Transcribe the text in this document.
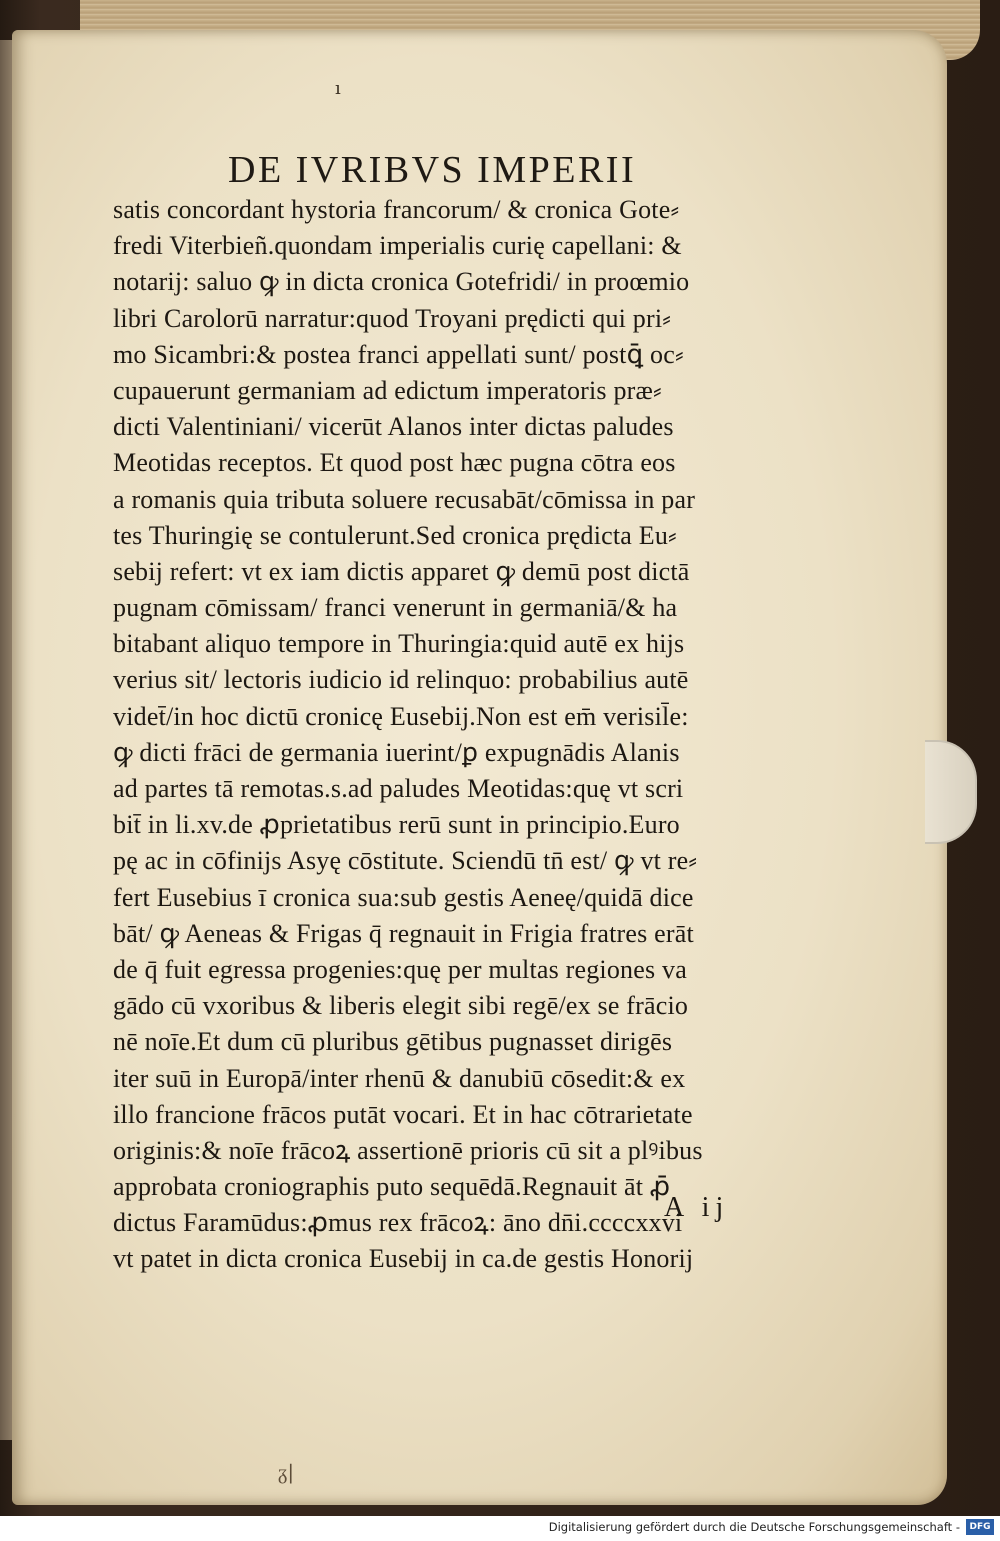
ı
DE IVRIBVS IMPERII
satis concordant hystoria francorum/ & cronica Gote⸗
fredi Viterbieñ.quondam imperialis curię capellani: &
notarij: saluo ꝙ in dicta cronica Gotefridi/ in proœmio
libri Carolorū narratur:quod Troyani prędicti qui pri⸗
mo Sicambri:& postea franci appellati sunt/ postꝗ̄ oc⸗
cupauerunt germaniam ad edictum imperatoris præ⸗
dicti Valentiniani/ vicerūt Alanos inter dictas paludes
Meotidas receptos. Et quod post hæc pugna cōtra eos
a romanis quia tributa soluere recusabāt/cōmissa in par
tes Thuringię se contulerunt.Sed cronica prędicta Eu⸗
sebij refert: vt ex iam dictis apparet ꝙ demū post dictā
pugnam cōmissam/ franci venerunt in germaniā/& ha
bitabant aliquo tempore in Thuringia:quid autē ex hijs
verius sit/ lectoris iudicio id relinquo: probabilius autē
videt̄/in hoc dictū cronicę Eusebij.Non est em̄ verisil̄e:
ꝙ dicti frāci de germania iuerint/ꝑ expugnādis Alanis
ad partes tā remotas.s.ad paludes Meotidas:quę vt scri
bit̄ in li.xv.de ꝓprietatibus rerū sunt in principio.Euro
pę ac in cōfinijs Asyę cōstitute. Sciendū tn̄ est/ ꝙ vt re⸗
fert Eusebius ī cronica sua:sub gestis Aeneę/quidā dice
bāt/ ꝙ Aeneas & Frigas q̄ regnauit in Frigia fratres erāt
de q̄ fuit egressa progenies:quę per multas regiones va
gādo cū vxoribus & liberis elegit sibi regē/ex se frācio
nē noīe.Et dum cū pluribus gētibus pugnasset dirigēs
iter suū in Europā/inter rhenū & danubiū cōsedit:& ex
illo francione frācos putāt vocari. Et in hac cōtrarietate
originis:& noīe frācoꝝ assertionē prioris cū sit a plꝰibus
approbata croniographis puto sequēdā.Regnauit āt ꝓ̄
dictus Faramūdus:ꝓmus rex frācoꝝ: āno dn̄i.ccccxxvi
vt patet in dicta cronica Eusebij in ca.de gestis Honorij
A ij
ᵹ|
Digitalisierung gefördert durch die Deutsche Forschungsgemeinschaft -	DFG
